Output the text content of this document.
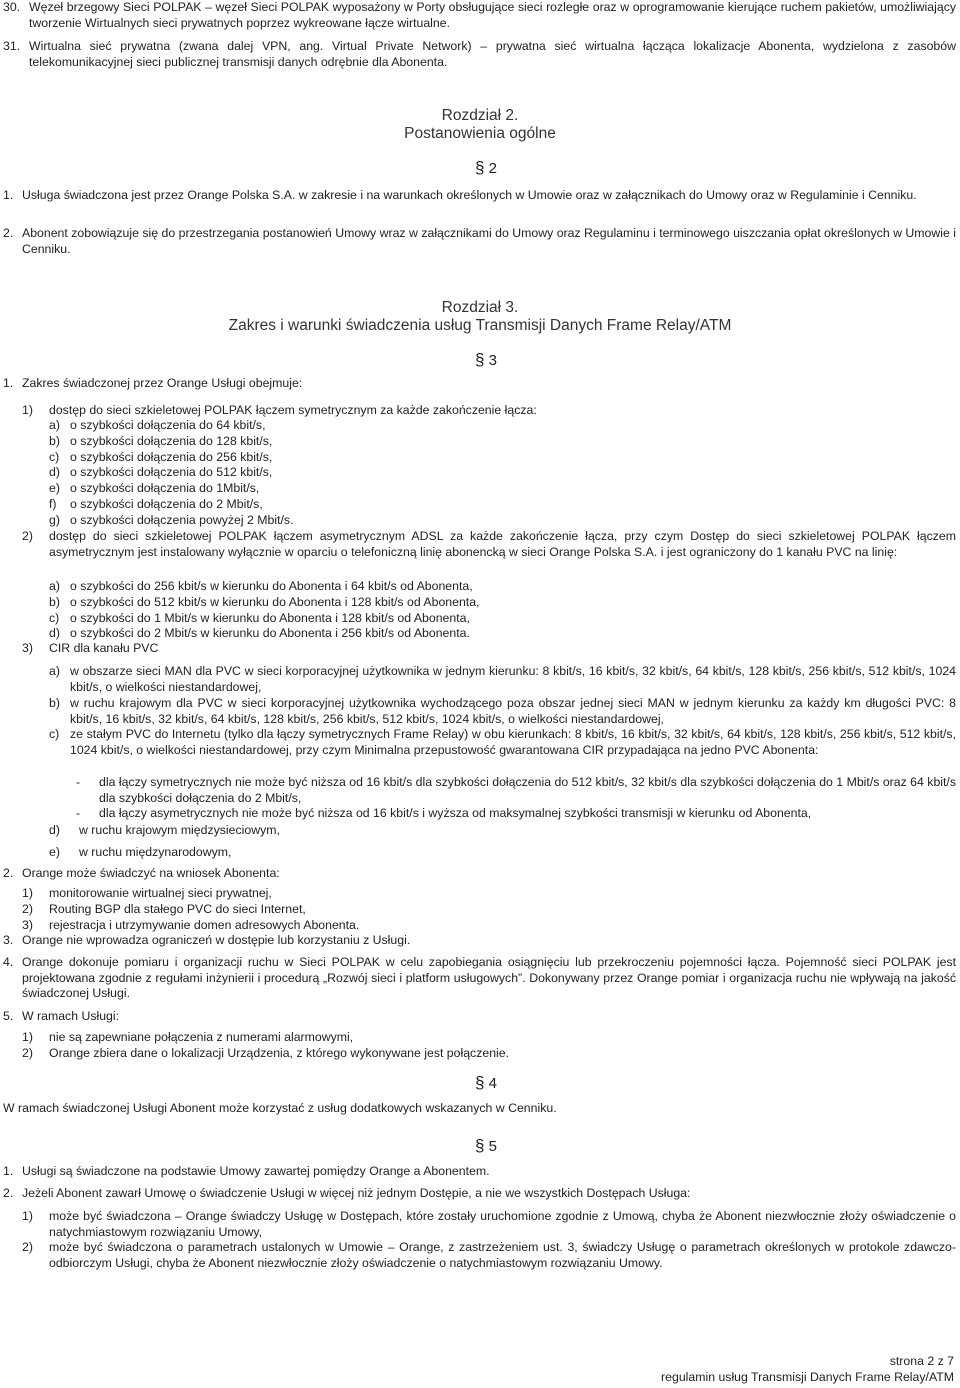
30. Węzeł brzegowy Sieci POLPAK – węzeł Sieci POLPAK wyposażony w Porty obsługujące sieci rozległe oraz w oprogramowanie kierujące ruchem pakietów, umożliwiający tworzenie Wirtualnych sieci prywatnych poprzez wykreowane łącze wirtualne.
31. Wirtualna sieć prywatna (zwana dalej VPN, ang. Virtual Private Network) – prywatna sieć wirtualna łącząca lokalizacje Abonenta, wydzielona z zasobów telekomunikacyjnej sieci publicznej transmisji danych odrębnie dla Abonenta.
Rozdział 2.
Postanowienia ogólne
§ 2
1. Usługa świadczona jest przez Orange Polska S.A. w zakresie i na warunkach określonych w Umowie oraz w załącznikach do Umowy oraz w Regulaminie i Cenniku.
2. Abonent zobowiązuje się do przestrzegania postanowień Umowy wraz w załącznikami do Umowy oraz Regulaminu i terminowego uiszczania opłat określonych w Umowie i Cenniku.
Rozdział 3.
Zakres i warunki świadczenia usług Transmisji Danych Frame Relay/ATM
§ 3
1. Zakres świadczonej przez Orange Usługi obejmuje:
1) dostęp do sieci szkieletowej POLPAK łączem symetrycznym za każde zakończenie łącza:
a) o szybkości dołączenia do 64 kbit/s,
b) o szybkości dołączenia do 128 kbit/s,
c) o szybkości dołączenia do 256 kbit/s,
d) o szybkości dołączenia do 512 kbit/s,
e) o szybkości dołączenia do 1Mbit/s,
f) o szybkości dołączenia do 2 Mbit/s,
g) o szybkości dołączenia powyżej 2 Mbit/s.
2) dostęp do sieci szkieletowej POLPAK łączem asymetrycznym ADSL za każde zakończenie łącza, przy czym Dostęp do sieci szkieletowej POLPAK łączem asymetrycznym jest instalowany wyłącznie w oparciu o telefoniczną linię abonencką w sieci Orange Polska S.A. i jest ograniczony do 1 kanału PVC na linię:
a) o szybkości do 256 kbit/s w kierunku do Abonenta i 64 kbit/s od Abonenta,
b) o szybkości do 512 kbit/s w kierunku do Abonenta i 128 kbit/s od Abonenta,
c) o szybkości do 1 Mbit/s w kierunku do Abonenta i 128 kbit/s od Abonenta,
d) o szybkości do 2 Mbit/s w kierunku do Abonenta i 256 kbit/s od Abonenta.
3) CIR dla kanału PVC
a) w obszarze sieci MAN dla PVC w sieci korporacyjnej użytkownika w jednym kierunku: 8 kbit/s, 16 kbit/s, 32 kbit/s, 64 kbit/s, 128 kbit/s, 256 kbit/s, 512 kbit/s, 1024 kbit/s, o wielkości niestandardowej,
b) w ruchu krajowym dla PVC w sieci korporacyjnej użytkownika wychodzącego poza obszar jednej sieci MAN w jednym kierunku za każdy km długości PVC: 8 kbit/s, 16 kbit/s, 32 kbit/s, 64 kbit/s, 128 kbit/s, 256 kbit/s, 512 kbit/s, 1024 kbit/s, o wielkości niestandardowej,
c) ze stałym PVC do Internetu (tylko dla łączy symetrycznych Frame Relay) w obu kierunkach: 8 kbit/s, 16 kbit/s, 32 kbit/s, 64 kbit/s, 128 kbit/s, 256 kbit/s, 512 kbit/s, 1024 kbit/s, o wielkości niestandardowej, przy czym Minimalna przepustowość gwarantowana CIR przypadająca na jedno PVC Abonenta:
- dla łączy symetrycznych nie może być niższa od 16 kbit/s dla szybkości dołączenia do 512 kbit/s, 32 kbit/s dla szybkości dołączenia do 1 Mbit/s oraz 64 kbit/s dla szybkości dołączenia do 2 Mbit/s,
- dla łączy asymetrycznych nie może być niższa od 16 kbit/s i wyższa od maksymalnej szybkości transmisji w kierunku od Abonenta,
d) w ruchu krajowym międzysieciowym,
e) w ruchu międzynarodowym,
2. Orange może świadczyć na wniosek Abonenta:
1) monitorowanie wirtualnej sieci prywatnej,
2) Routing BGP dla stałego PVC do sieci Internet,
3) rejestracja i utrzymywanie domen adresowych Abonenta.
3. Orange nie wprowadza ograniczeń w dostępie lub korzystaniu z Usługi.
4. Orange dokonuje pomiaru i organizacji ruchu w Sieci POLPAK w celu zapobiegania osiągnięciu lub przekroczeniu pojemności łącza. Pojemność sieci POLPAK jest projektowana zgodnie z regułami inżynierii i procedurą „Rozwój sieci i platform usługowych”. Dokonywany przez Orange pomiar i organizacja ruchu nie wpływają na jakość świadczonej Usługi.
5. W ramach Usługi:
1) nie są zapewniane połączenia z numerami alarmowymi,
2) Orange zbiera dane o lokalizacji Urządzenia, z którego wykonywane jest połączenie.
§ 4
W ramach świadczonej Usługi Abonent może korzystać z usług dodatkowych wskazanych w Cenniku.
§ 5
1. Usługi są świadczone na podstawie Umowy zawartej pomiędzy Orange a Abonentem.
2. Jeżeli Abonent zawarł Umowę o świadczenie Usługi w więcej niż jednym Dostępie, a nie we wszystkich Dostępach Usługa:
1) może być świadczona – Orange świadczy Usługę w Dostępach, które zostały uruchomione zgodnie z Umową, chyba że Abonent niezwłocznie złoży oświadczenie o natychmiastowym rozwiązaniu Umowy,
2) może być świadczona o parametrach ustalonych w Umowie – Orange, z zastrzeżeniem ust. 3, świadczy Usługę o parametrach określonych w protokole zdawczo-odbiorczym Usługi, chyba że Abonent niezwłocznie złoży oświadczenie o natychmiastowym rozwiązaniu Umowy.
strona 2 z 7
regulamin usług Transmisji Danych Frame Relay/ATM
